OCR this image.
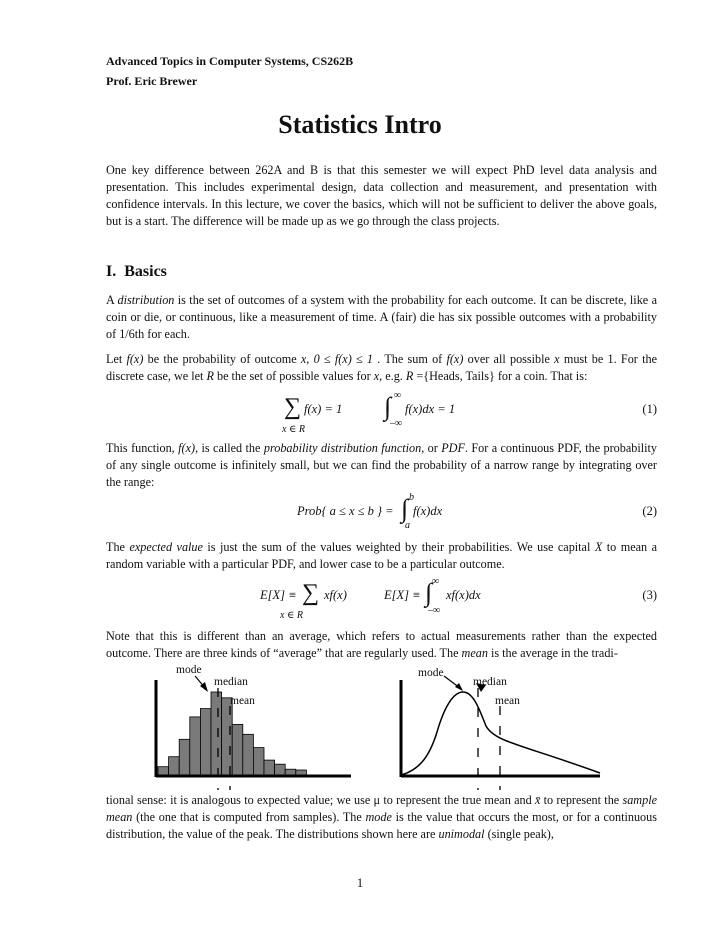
Advanced Topics in Computer Systems, CS262B
Prof. Eric Brewer
Statistics Intro
One key difference between 262A and B is that this semester we will expect PhD level data analysis and presentation. This includes experimental design, data collection and measurement, and presentation with confidence intervals. In this lecture, we cover the basics, which will not be sufficient to deliver the above goals, but is a start. The difference will be made up as we go through the class projects.
I. Basics
A distribution is the set of outcomes of a system with the probability for each outcome. It can be discrete, like a coin or die, or continuous, like a measurement of time. A (fair) die has six possible outcomes with a probability of 1/6th for each.
Let f(x) be the probability of outcome x, 0 ≤ f(x) ≤ 1 . The sum of f(x) over all possible x must be 1. For the discrete case, we let R be the set of possible values for x, e.g. R ={Heads, Tails} for a coin. That is:
∑ f(x) = 1
x ∈ R
∫ ∞
–∞
f(x)dx = 1	(1)
This function, f(x), is called the probability distribution function, or PDF. For a continuous PDF, the probability of any single outcome is infinitely small, but we can find the probability of a narrow range by integrating over the range:
Prob{ a ≤ x ≤ b } = ∫ b
a
f(x)dx	(2)
The expected value is just the sum of the values weighted by their probabilities. We use capital X to mean a random variable with a particular PDF, and lower case to be a particular outcome.
E[X] ≡ ∑ xf(x)
x ∈ R
E[X] ≡ ∫ ∞
–∞
xf(x)dx	(3)
Note that this is different than an average, which refers to actual measurements rather than the expected outcome. There are three kinds of “average” that are regularly used. The mean is the average in the tradi-
mode
median
mean
mode
median
mean
tional sense: it is analogous to expected value; we use μ to represent the true mean and x̄ to represent the sample mean (the one that is computed from samples). The mode is the value that occurs the most, or for a continuous distribution, the value of the peak. The distributions shown here are unimodal (single peak),
1
